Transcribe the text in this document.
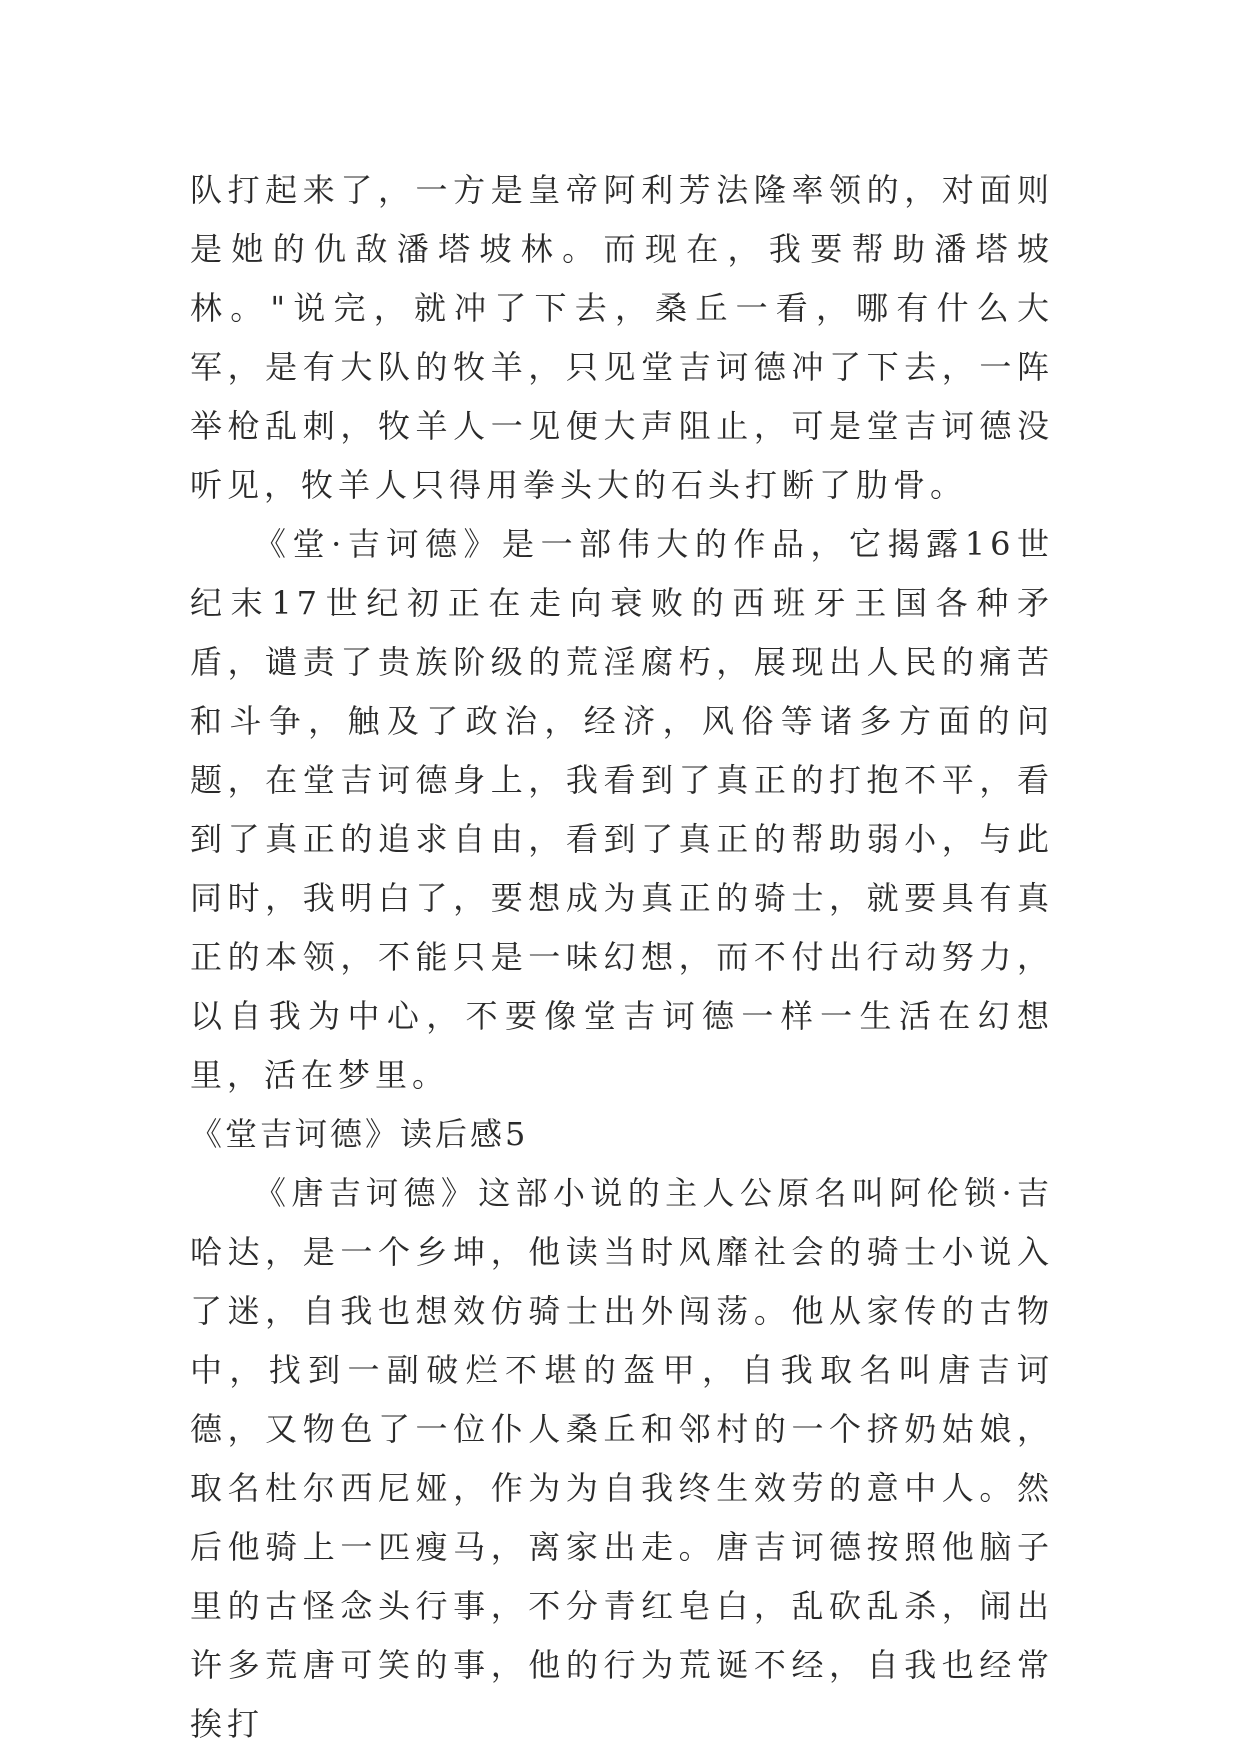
队打起来了，一方是皇帝阿利芳法隆率领的，对面则是她的仇敌潘塔坡林。而现在，我要帮助潘塔坡林。"说完，就冲了下去，桑丘一看，哪有什么大军，是有大队的牧羊，只见堂吉诃德冲了下去，一阵举枪乱刺，牧羊人一见便大声阻止，可是堂吉诃德没听见，牧羊人只得用拳头大的石头打断了肋骨。

《堂·吉诃德》是一部伟大的作品，它揭露16世纪末17世纪初正在走向衰败的西班牙王国各种矛盾，谴责了贵族阶级的荒淫腐朽，展现出人民的痛苦和斗争，触及了政治，经济，风俗等诸多方面的问题，在堂吉诃德身上，我看到了真正的打抱不平，看到了真正的追求自由，看到了真正的帮助弱小，与此同时，我明白了，要想成为真正的骑士，就要具有真正的本领，不能只是一味幻想，而不付出行动努力，以自我为中心，不要像堂吉诃德一样一生活在幻想里，活在梦里。

《堂吉诃德》读后感5

《唐吉诃德》这部小说的主人公原名叫阿伦锁·吉哈达，是一个乡坤，他读当时风靡社会的骑士小说入了迷，自我也想效仿骑士出外闯荡。他从家传的古物中，找到一副破烂不堪的盔甲，自我取名叫唐吉诃德，又物色了一位仆人桑丘和邻村的一个挤奶姑娘，取名杜尔西尼娅，作为为自我终生效劳的意中人。然后他骑上一匹瘦马，离家出走。唐吉诃德按照他脑子里的古怪念头行事，不分青红皂白，乱砍乱杀，闹出许多荒唐可笑的事，他的行为荒诞不经，自我也经常挨打
